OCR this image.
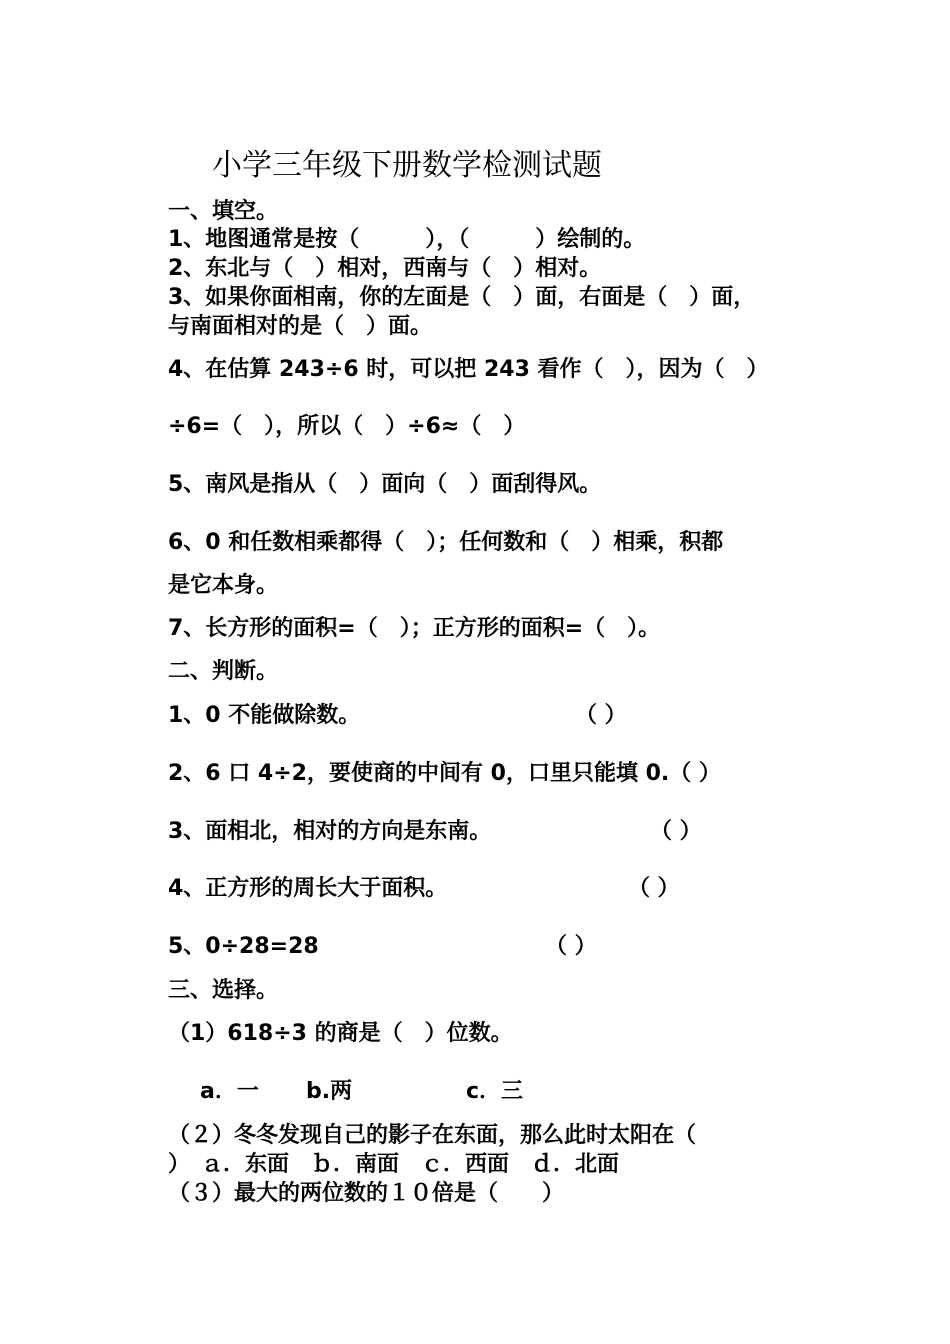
小学三年级下册数学检测试题
一、填空。
1、地图通常是按（　　　），（　　　）绘制的。
2、东北与（　）相对，西南与（　）相对。
3、如果你面相南，你的左面是（　）面，右面是（　）面，
与南面相对的是（　）面。
4、在估算 243÷6 时，可以把 243 看作（　），因为（　）
÷6=（　），所以（　）÷6≈（　）
5、南风是指从（　）面向（　）面刮得风。
6、0 和任数相乘都得（　）；任何数和（　）相乘，积都
是它本身。
7、长方形的面积=（　）；正方形的面积=（　）。
二、判断。
1、0 不能做除数。	（ ）
2、6 口 4÷2，要使商的中间有 0，口里只能填 0.（ ）
3、面相北，相对的方向是东南。	（ ）
4、正方形的周长大于面积。	（ ）
5、0÷28=28	（ ）
三、选择。
（1）618÷3 的商是（　）位数。
a．一 b.两	c．三
（２）冬冬发现自己的影子在东面，那么此时太阳在（
）　ａ．东面　ｂ．南面　ｃ．西面　ｄ．北面
（３）最大的两位数的１０倍是（　　）
